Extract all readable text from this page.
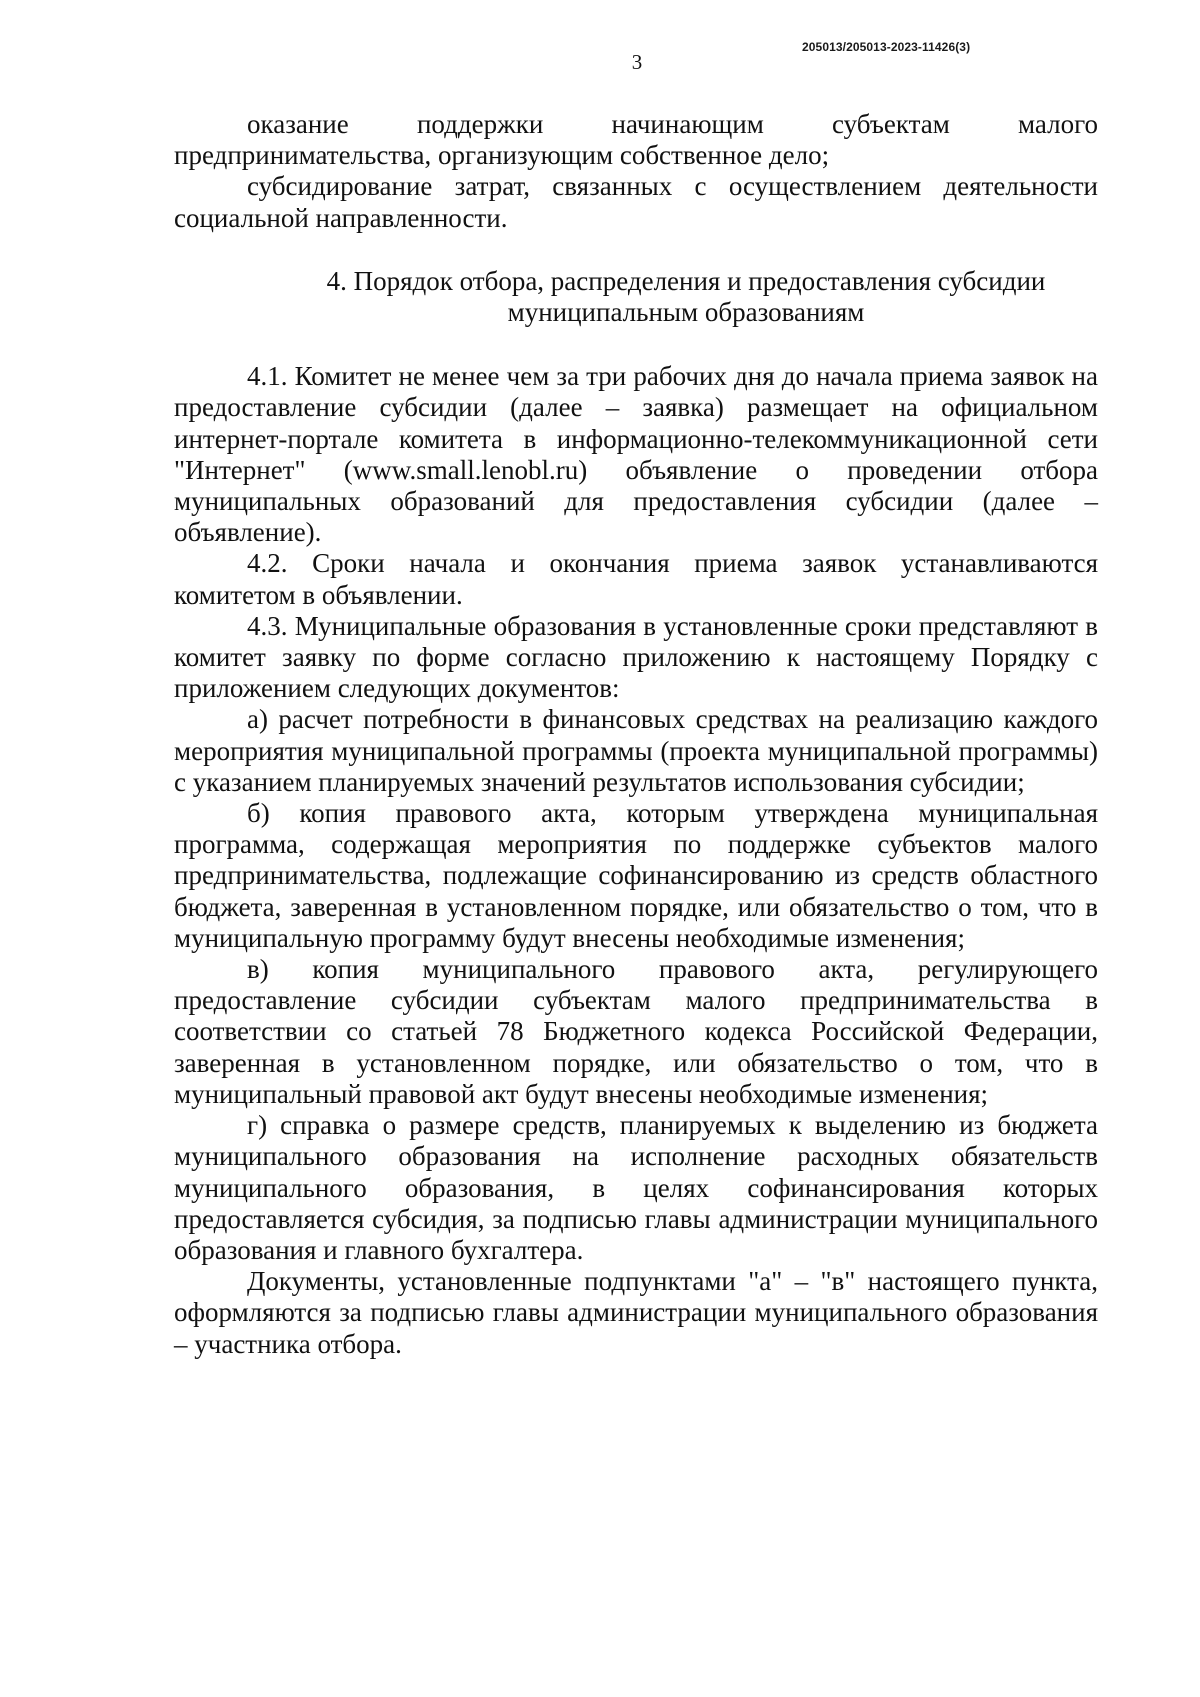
205013/205013-2023-11426(3)
3

оказание поддержки начинающим субъектам малого предпринимательства, организующим собственное дело;

субсидирование затрат, связанных с осуществлением деятельности социальной направленности.

4. Порядок отбора, распределения и предоставления субсидии
муниципальным образованиям

4.1. Комитет не менее чем за три рабочих дня до начала приема заявок на предоставление субсидии (далее – заявка) размещает на официальном интернет-портале комитета в информационно-телекоммуникационной сети "Интернет" (www.small.lenobl.ru) объявление о проведении отбора муниципальных образований для предоставления субсидии (далее – объявление).

4.2. Сроки начала и окончания приема заявок устанавливаются комитетом в объявлении.

4.3. Муниципальные образования в установленные сроки представляют в комитет заявку по форме согласно приложению к настоящему Порядку с приложением следующих документов:

а) расчет потребности в финансовых средствах на реализацию каждого мероприятия муниципальной программы (проекта муниципальной программы) с указанием планируемых значений результатов использования субсидии;

б) копия правового акта, которым утверждена муниципальная программа, содержащая мероприятия по поддержке субъектов малого предпринимательства, подлежащие софинансированию из средств областного бюджета, заверенная в установленном порядке, или обязательство о том, что в муниципальную программу будут внесены необходимые изменения;

в) копия муниципального правового акта, регулирующего предоставление субсидии субъектам малого предпринимательства в соответствии со статьей 78 Бюджетного кодекса Российской Федерации, заверенная в установленном порядке, или обязательство о том, что в муниципальный правовой акт будут внесены необходимые изменения;

г) справка о размере средств, планируемых к выделению из бюджета муниципального образования на исполнение расходных обязательств муниципального образования, в целях софинансирования которых предоставляется субсидия, за подписью главы администрации муниципального образования и главного бухгалтера.

Документы, установленные подпунктами "а" – "в" настоящего пункта, оформляются за подписью главы администрации муниципального образования – участника отбора.
